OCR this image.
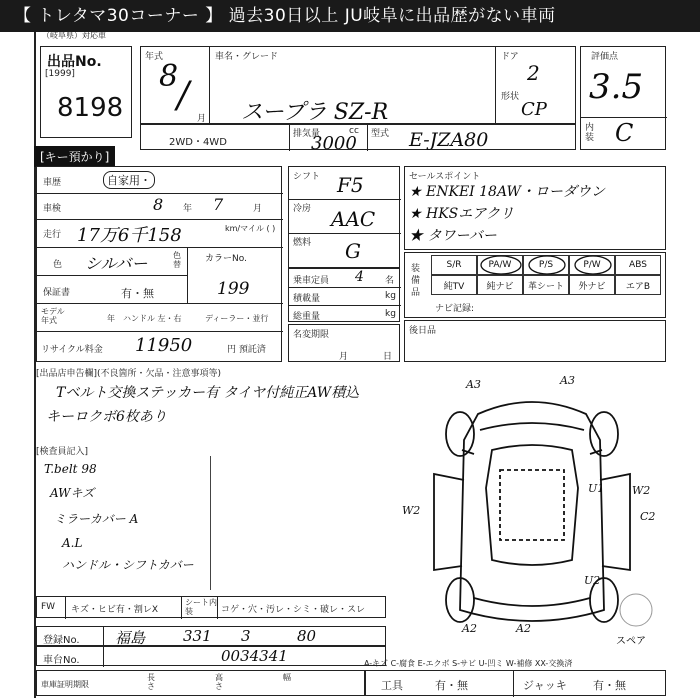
【 トレタマ30コーナー 】 過去30日以上 JU岐阜に出品歴がない車両
（岐阜県）対応車
出品No.
[1999]
8198
[キー預かり]
年式
8
/
月
車名・グレード
スープラ SZ-R
ドア
2
形状
CP
評価点
3.5
内装 C
2WD・4WD
排気量	cc
3000 型式 E-JZA80
車歴	自家用・
車検	8 年 7	月
走行 17万6千158	km/マイル ( )
色 シルバー	色替
カラーNo.
199
保証書	有・無
モデル年式	年 ハンドル 左・右	ディーラー・並行
リサイクル料金 11950	円 預託済
シフト F5
冷房 AAC
燃料 G
乗車定員 4 名
積載量	kg
総重量	kg
名変期限
月	日
セールスポイント
★ ENKEI 18AW・ローダウン
★ HKSエアクリ
★ タワーバー
装備品
S/R	PA/W	P/S	P/W	ABS
純TV	純ナビ	革シート	外ナビ	エアB
ナビ記録:
後日品
[出品店申告欄](不良箇所・欠品・注意事項等)
Tベルト交換ステッカー有 タイヤ付純正AW積込
キーロクボ6枚あり
[検査員記入]
T.belt 98
AWキズ
ミラーカバー A
A.L
ハンドル・シフトカバー
A3	A3
U1	W2
W2	C2
U2
A2	A2
スペア
FW キズ・ヒビ有・割レX
シート内装	コゲ・穴・汚レ・シミ・破レ・スレ
登録No. 福島	331 3	80
車台No.	0034341	A-キズ C-腐食 E-エクボ S-サビ U-凹ミ W-補修 XX-交換済
車庫証明期限
長さ
高さ
幅
工具	有・無	ジャッキ 有・無
